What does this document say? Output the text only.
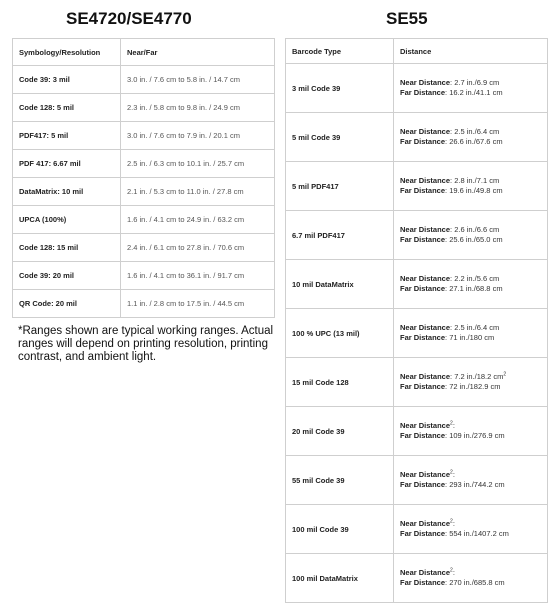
SE4720/SE4770	SE55
Symbology/Resolution	Near/Far
Code 39: 3 mil	3.0 in. / 7.6 cm to 5.8 in. / 14.7 cm
Code 128: 5 mil	2.3 in. / 5.8 cm to 9.8 in. / 24.9 cm
PDF417: 5 mil	3.0 in. / 7.6 cm to 7.9 in. / 20.1 cm
PDF 417: 6.67 mil	2.5 in. / 6.3 cm to 10.1 in. / 25.7 cm
DataMatrix: 10 mil	2.1 in. / 5.3 cm to 11.0 in. / 27.8 cm
UPCA (100%)	1.6 in. / 4.1 cm to 24.9 in. / 63.2 cm
Code 128: 15 mil	2.4 in. / 6.1 cm to 27.8 in. / 70.6 cm
Code 39: 20 mil	1.6 in. / 4.1 cm to 36.1 in. / 91.7 cm
QR Code: 20 mil	1.1 in. / 2.8 cm to 17.5 in. / 44.5 cm
*Ranges shown are typical working ranges. Actual ranges will depend on printing resolution, printing contrast, and ambient light.
Barcode Type	Distance
3 mil Code 39	Near Distance: 2.7 in./6.9 cm
Far Distance: 16.2 in./41.1 cm

5 mil Code 39	Near Distance: 2.5 in./6.4 cm
Far Distance: 26.6 in./67.6 cm

5 mil PDF417	Near Distance: 2.8 in./7.1 cm
Far Distance: 19.6 in./49.8 cm

6.7 mil PDF417	Near Distance: 2.6 in./6.6 cm
Far Distance: 25.6 in./65.0 cm

10 mil DataMatrix	Near Distance: 2.2 in./5.6 cm
Far Distance: 27.1 in./68.8 cm

100 % UPC (13 mil)	Near Distance: 2.5 in./6.4 cm
Far Distance: 71 in./180 cm

15 mil Code 128	Near Distance: 7.2 in./18.2 $cm^2$
Far Distance: 72 in./182.9 cm

20 mil Code 39	Near Distance$^2$:
Far Distance: 109 in./276.9 cm

55 mil Code 39	Near Distance$^2$:
Far Distance: 293 in./744.2 cm

100 mil Code 39	Near Distance$^2$:
Far Distance: 554 in./1407.2 cm

100 mil DataMatrix	Near Distance$^2$:
Far Distance: 270 in./685.8 cm
